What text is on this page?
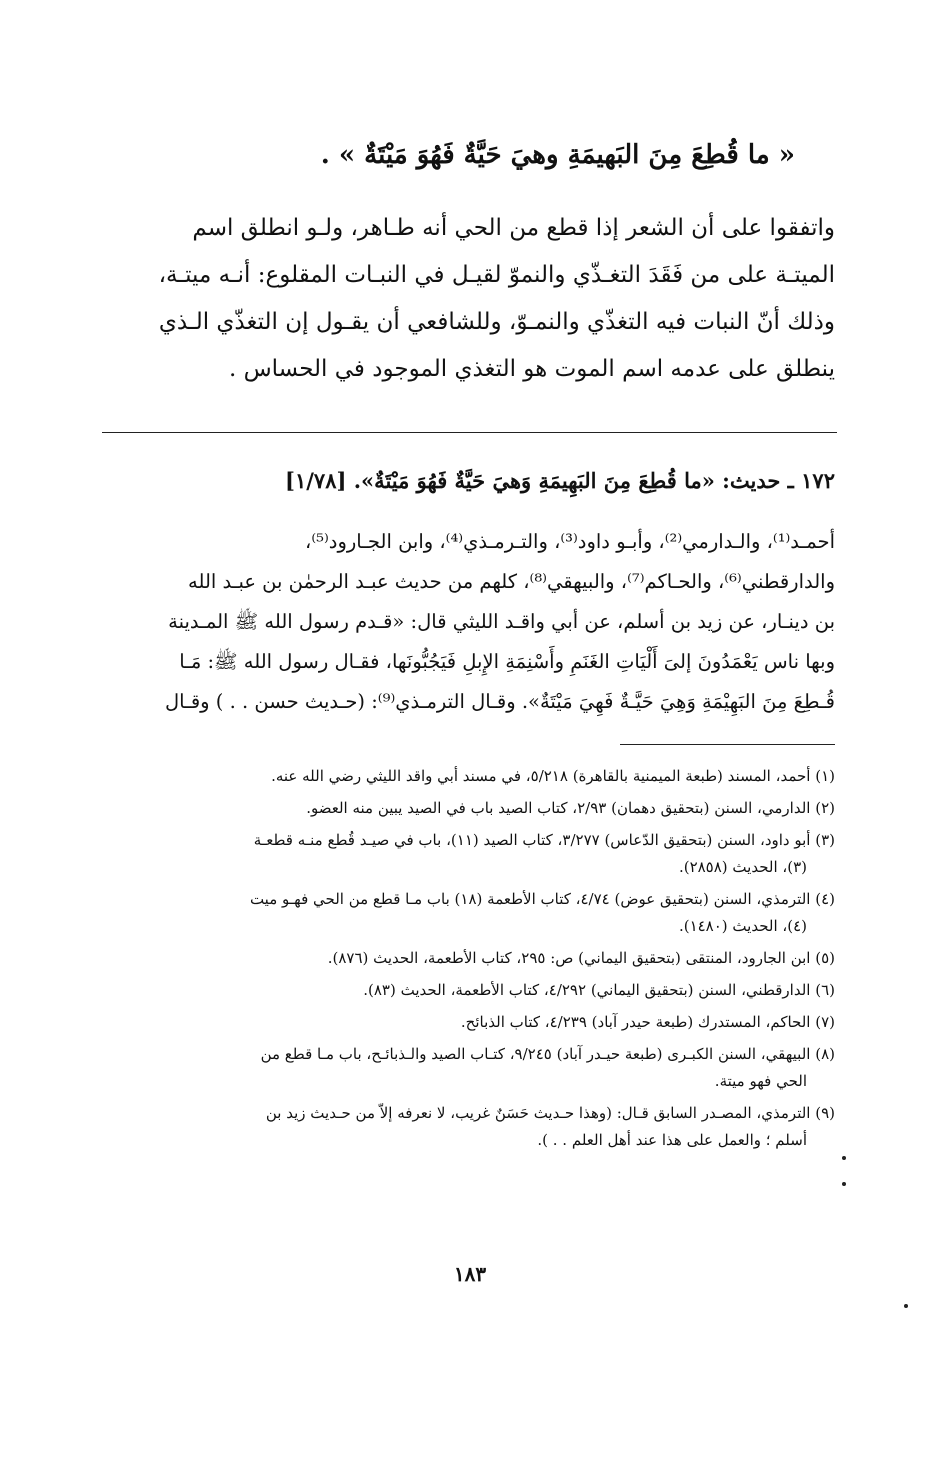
« ما قُطِعَ مِنَ البَهيمَةِ وهيَ حَيَّةٌ فَهُوَ مَيْتَةٌ » .
واتفقوا على أن الشعر إذا قطع من الحي أنه طـاهر، ولـو انطلق اسم
الميتـة على من فَقَدَ التغـذّي والنموّ لقيـل في النبـات المقلوع: أنـه ميتـة،
وذلك أنّ النبات فيه التغذّي والنمـوّ، وللشافعي أن يقـول إن التغذّي الـذي
ينطلق على عدمه اسم الموت هو التغذي الموجود في الحساس .
١٧٢ ـ حديث: «ما قُطِعَ مِنَ البَهِيمَةِ وَهيَ حَيَّةٌ فَهُوَ مَيْتَةٌ». [١/٧٨]
أحمـد⁽¹⁾، والـدارمي⁽²⁾، وأبـو داود⁽³⁾، والتـرمـذي⁽⁴⁾، وابن الجـارود⁽⁵⁾،
والدارقطني⁽⁶⁾، والحـاكم⁽⁷⁾، والبيهقي⁽⁸⁾، كلهم من حديث عبـد الرحمٰن بن عبـد الله
بن دينـار، عن زيد بن أسلم، عن أبي واقـد الليثي قال: «قـدم رسول الله ﷺ المـدينة
وبها ناس يَعْمَدُونَ إلىَ أَلْيَاتِ الغَنَمِ وأَسْنِمَةِ الإِبلِ فَيَجُبُّونَها، فقـال رسول الله ﷺ: مَـا
قُـطِعَ مِنَ البَهِيْمَةِ وَهِيَ حَيَّـةٌ فَهِيَ مَيْتَةٌ». وقـال الترمـذي⁽⁹⁾: (حـديث حسن . . ) وقـال
(١) أحمد، المسند (طبعة الميمنية بالقاهرة) ٥/٢١٨، في مسند أبي واقد الليثي رضي الله عنه.
(٢) الدارمي، السنن (بتحقيق دهمان) ٢/٩٣، كتاب الصيد باب في الصيد يبين منه العضو.
(٣) أبو داود، السنن (بتحقيق الدّعاس) ٣/٢٧٧، كتاب الصيد (١١)، باب في صيـد قُطع منـه قطعـة
(٣)، الحديث (٢٨٥٨).
(٤) الترمذي، السنن (بتحقيق عوض) ٤/٧٤، كتاب الأطعمة (١٨) باب مـا قطع من الحي فهـو ميت
(٤)، الحديث (١٤٨٠).
(٥) ابن الجارود، المنتقى (بتحقيق اليماني) ص: ٢٩٥، كتاب الأطعمة، الحديث (٨٧٦).
(٦) الدارقطني، السنن (بتحقيق اليماني) ٤/٢٩٢، كتاب الأطعمة، الحديث (٨٣).
(٧) الحاكم، المستدرك (طبعة حيدر آباد) ٤/٢٣٩، كتاب الذبائح.
(٨) البيهقي، السنن الكبـرى (طبعة حيـدر آباد) ٩/٢٤٥، كتـاب الصيد والـذبائـح، باب مـا قطع من
الحي فهو ميتة.
(٩) الترمذي، المصـدر السابق قـال: (وهذا حـديث حَسَنٌ غريب، لا نعرفه إلاّ من حـديث زيد بن
أسلم ؛ والعمل على هذا عند أهل العلم . . ).
١٨٣
